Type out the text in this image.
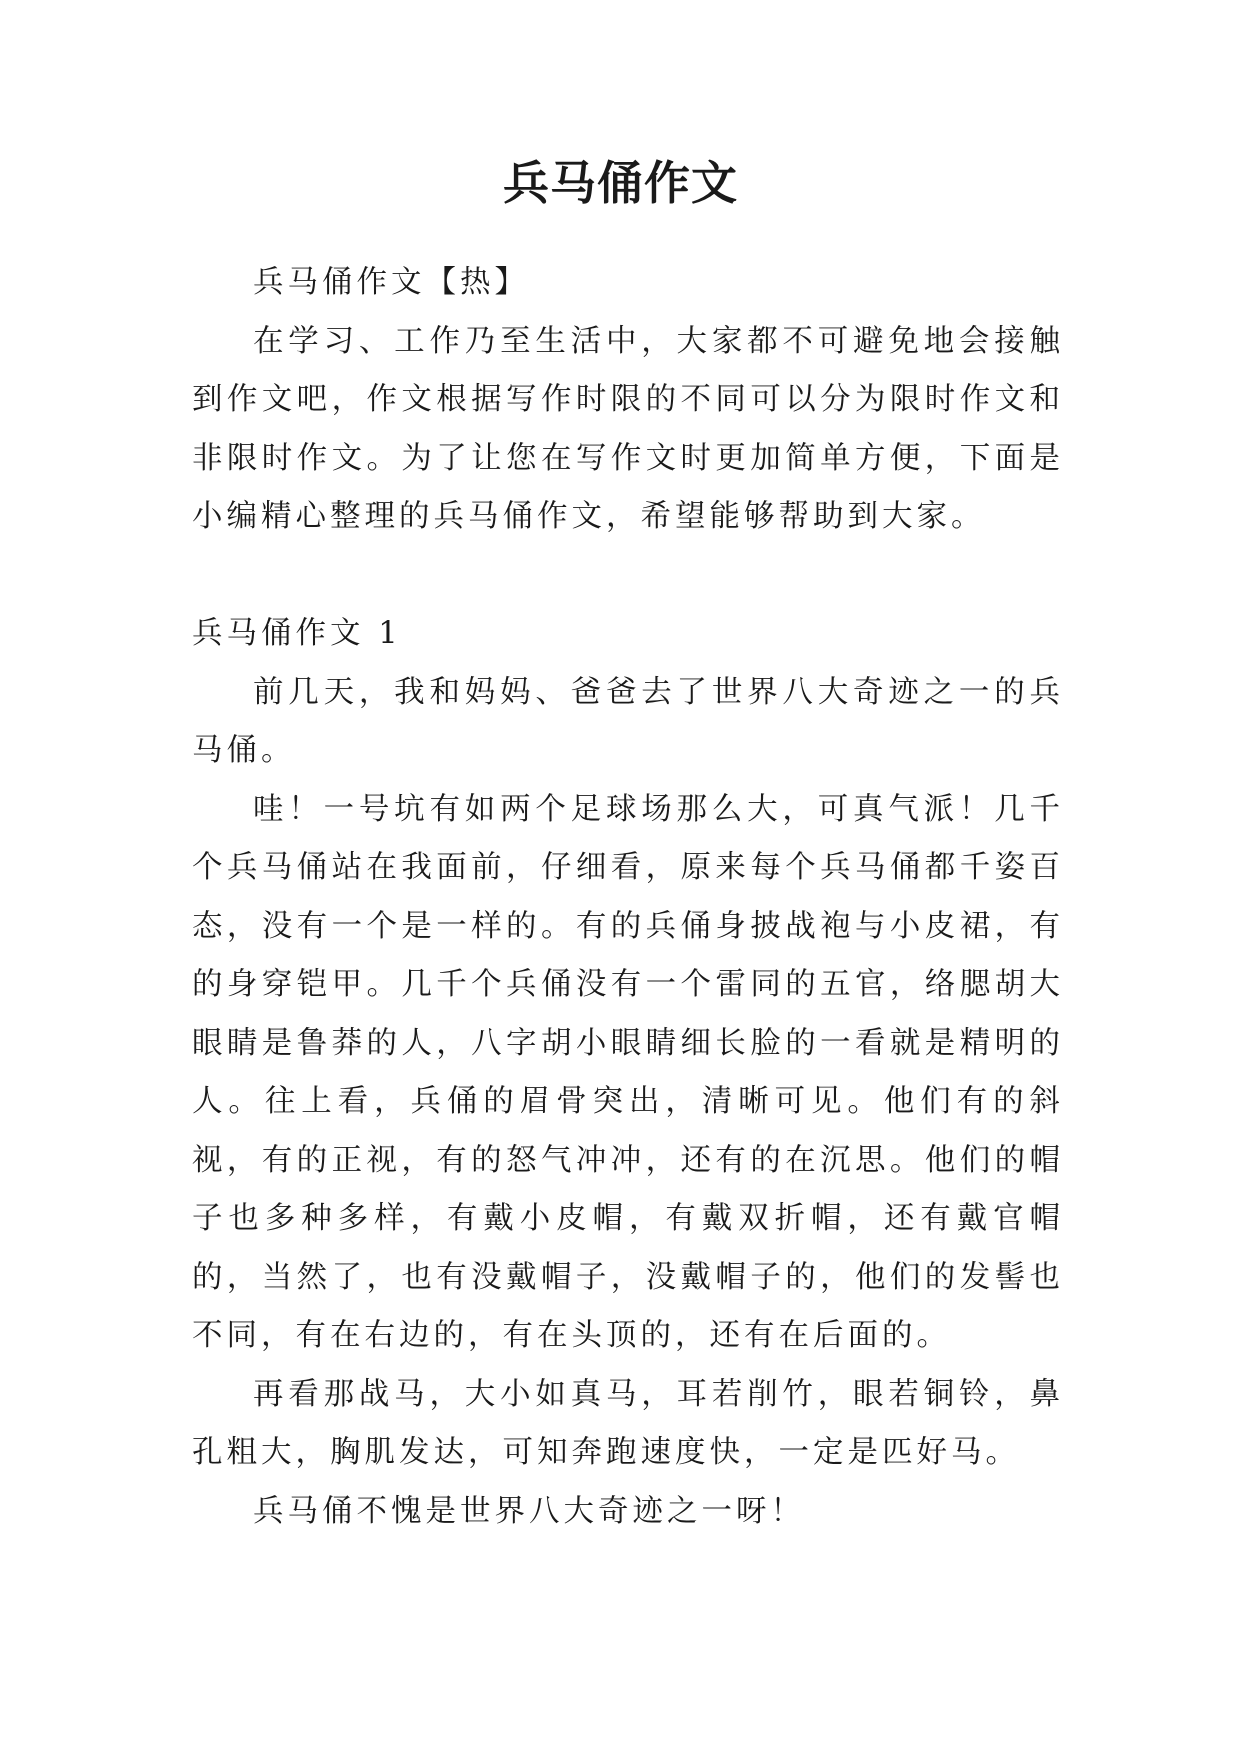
兵马俑作文

兵马俑作文【热】

在学习、工作乃至生活中，大家都不可避免地会接触到作文吧，作文根据写作时限的不同可以分为限时作文和非限时作文。为了让您在写作文时更加简单方便，下面是小编精心整理的兵马俑作文，希望能够帮助到大家。

兵马俑作文 1

前几天，我和妈妈、爸爸去了世界八大奇迹之一的兵马俑。

哇！一号坑有如两个足球场那么大，可真气派！几千个兵马俑站在我面前，仔细看，原来每个兵马俑都千姿百态，没有一个是一样的。有的兵俑身披战袍与小皮裙，有的身穿铠甲。几千个兵俑没有一个雷同的五官，络腮胡大眼睛是鲁莽的人，八字胡小眼睛细长脸的一看就是精明的人。往上看，兵俑的眉骨突出，清晰可见。他们有的斜视，有的正视，有的怒气冲冲，还有的在沉思。他们的帽子也多种多样，有戴小皮帽，有戴双折帽，还有戴官帽的，当然了，也有没戴帽子，没戴帽子的，他们的发髻也不同，有在右边的，有在头顶的，还有在后面的。

再看那战马，大小如真马，耳若削竹，眼若铜铃，鼻孔粗大，胸肌发达，可知奔跑速度快，一定是匹好马。

兵马俑不愧是世界八大奇迹之一呀！
